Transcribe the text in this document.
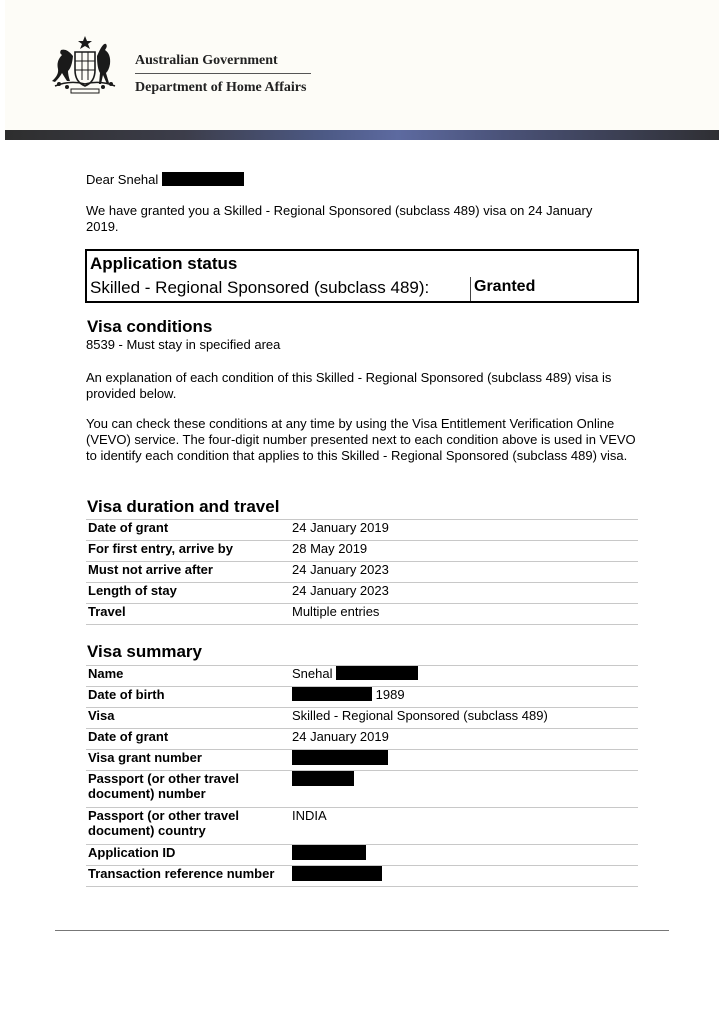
Australian Government
Department of Home Affairs
Dear Snehal
We have granted you a Skilled - Regional Sponsored (subclass 489) visa on 24 January 2019.
Application status
Skilled - Regional Sponsored (subclass 489):	Granted
Visa conditions
8539 - Must stay in specified area
An explanation of each condition of this Skilled - Regional Sponsored (subclass 489) visa is provided below.
You can check these conditions at any time by using the Visa Entitlement Verification Online (VEVO) service. The four-digit number presented next to each condition above is used in VEVO to identify each condition that applies to this Skilled - Regional Sponsored (subclass 489) visa.
Visa duration and travel
Date of grant	24 January 2019
For first entry, arrive by	28 May 2019
Must not arrive after	24 January 2023
Length of stay	24 January 2023
Travel	Multiple entries
Visa summary
Name	Snehal
Date of birth	1989
Visa	Skilled - Regional Sponsored (subclass 489)
Date of grant	24 January 2019
Visa grant number	
Passport (or other travel document) number	
Passport (or other travel document) country	INDIA
Application ID	
Transaction reference number	
